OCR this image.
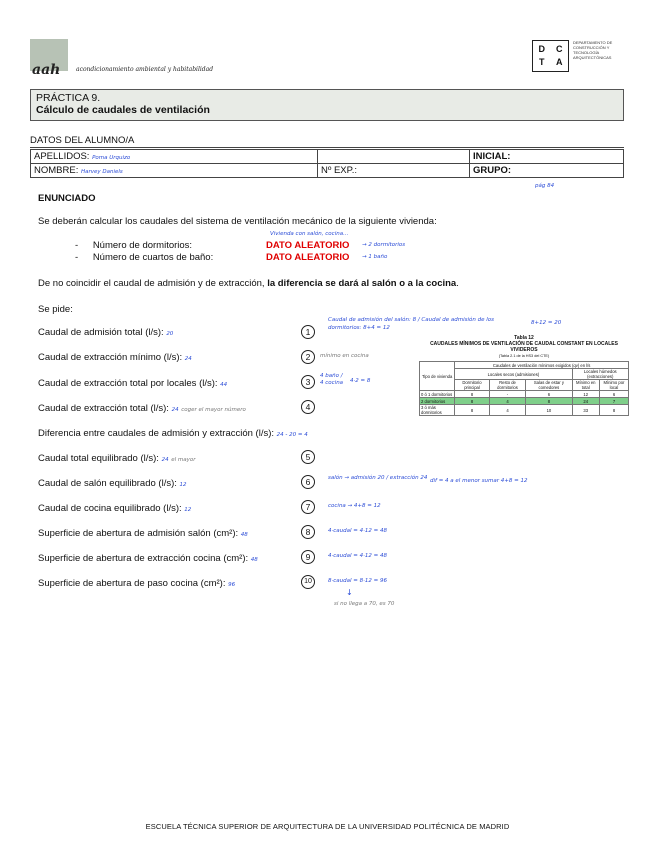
aah	acondicionamiento ambiental y habitabilidad
D	C
T	A
DEPARTAMENTO DE CONSTRUCCIÓN Y TECNOLOGÍA ARQUITECTÓNICAS
PRÁCTICA 9.
Cálculo de caudales de ventilación
DATOS DEL ALUMNO/A
APELLIDOS: Poma Urquizo		INICIAL:
NOMBRE: Harvey Daniels	Nº EXP.:	GRUPO:
pág 84
ENUNCIADO
Se deberán calcular los caudales del sistema de ventilación mecánico de la siguiente vivienda:
Vivienda con salón, cocina...
- Número de dormitorios:	DATO ALEATORIO → 2 dormitorios
- Número de cuartos de baño:	DATO ALEATORIO → 1 baño
De no coincidir el caudal de admisión y de extracción, la diferencia se dará al salón o a la cocina.
Se pide:
Caudal de admisión total (l/s): 20	1
Caudal de admisión del salón: 8 / Caudal de admisión de los dormitorios: 8+4 = 12
8+12 = 20
Caudal de extracción mínimo (l/s): 24	2	mínimo en cocina
Caudal de extracción total por locales (l/s): 44	3
4 baño / 4 cocina	4·2 = 8
Caudal de extracción total (l/s): 24 coger el mayor número	4
Diferencia entre caudales de admisión y extracción (l/s): 24 - 20 = 4
Caudal total equilibrado (l/s): 24 el mayor	5
Caudal de salón equilibrado (l/s): 12	6	salón → admisión 20 / extracción 24 dif = 4 a el menor sumar 4+8 = 12
Caudal de cocina equilibrado (l/s): 12	7	cocina → 4+8 = 12
Superficie de abertura de admisión salón (cm²): 48	8	4·caudal = 4·12 = 48
Superficie de abertura de extracción cocina (cm²): 48	9	4·caudal = 4·12 = 48
Superficie de abertura de paso cocina (cm²): 96	10	8·caudal = 8·12 = 96
↓
si no llega a 70, es 70
Tabla 12
CAUDALES MÍNIMOS DE VENTILACIÓN DE CAUDAL CONSTANT EN LOCALES VIVIDEROS
(Tabla 2.1 de la HS3 del CTE)
Tipo de vivienda	Caudales de ventilación mínimos exigidos (qv) en l/s				
	Locales secos (admisiones)			Locales húmedos (extracciones)	
	Dormitorio principal	Resto de dormitorios	Salas de estar y comedores	Mínimo en total	Mínimo por local
0 ó 1 dormitorios	8	-	6	12	6
2 dormitorios	8	4	8	24	7
3 ó más dormitorios	8	4	10	33	8
ESCUELA TÉCNICA SUPERIOR DE ARQUITECTURA DE LA UNIVERSIDAD POLITÉCNICA DE MADRID
